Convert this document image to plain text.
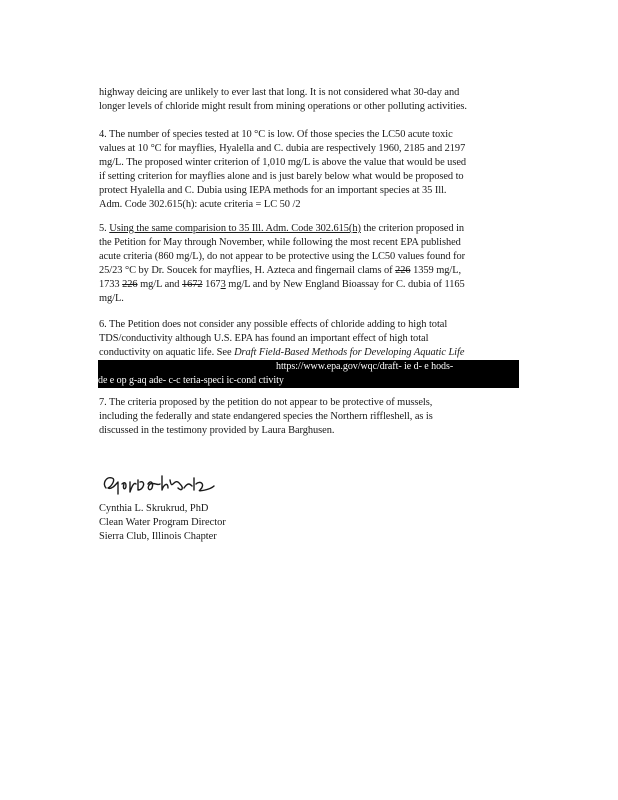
highway deicing are unlikely to ever last that long. It is not considered what 30-day and
longer levels of chloride might result from mining operations or other polluting activities.

4. The number of species tested at 10 °C is low. Of those species the LC50 acute toxic
values at 10 °C for mayflies, Hyalella and C. dubia are respectively 1960, 2185 and 2197
mg/L. The proposed winter criterion of 1,010 mg/L is above the value that would be used
if setting criterion for mayflies alone and is just barely below what would be proposed to
protect Hyalella and C. Dubia using IEPA methods for an important species at 35 Ill.
Adm. Code 302.615(h): acute criteria = LC 50 /2

5. Using the same comparision to 35 Ill. Adm. Code 302.615(h) the criterion proposed in
the Petition for May through November, while following the most recent EPA published
acute criteria (860 mg/L), do not appear to be protective using the LC50 values found for
25/23 °C by Dr. Soucek for mayflies, H. Azteca and fingernail clams of 226 1359 mg/L,
1733 226 mg/L and 1672 1673 mg/L and by New England Bioassay for C. dubia of 1165
mg/L.

6. The Petition does not consider any possible effects of chloride adding to high total
TDS/conductivity although U.S. EPA has found an important effect of high total
conductivity on aquatic life. See Draft Field-Based Methods for Developing Aquatic Life
https://www.epa.gov/wqc/draft- ie d- e hods-
de e op g-aq ade- c-c teria-speci ic-cond ctivity

7. The criteria proposed by the petition do not appear to be protective of mussels,
including the federally and state endangered species the Northern riffleshell, as is
discussed in the testimony provided by Laura Barghusen.

Cynthia L. Skrukrud, PhD
Clean Water Program Director
Sierra Club, Illinois Chapter
